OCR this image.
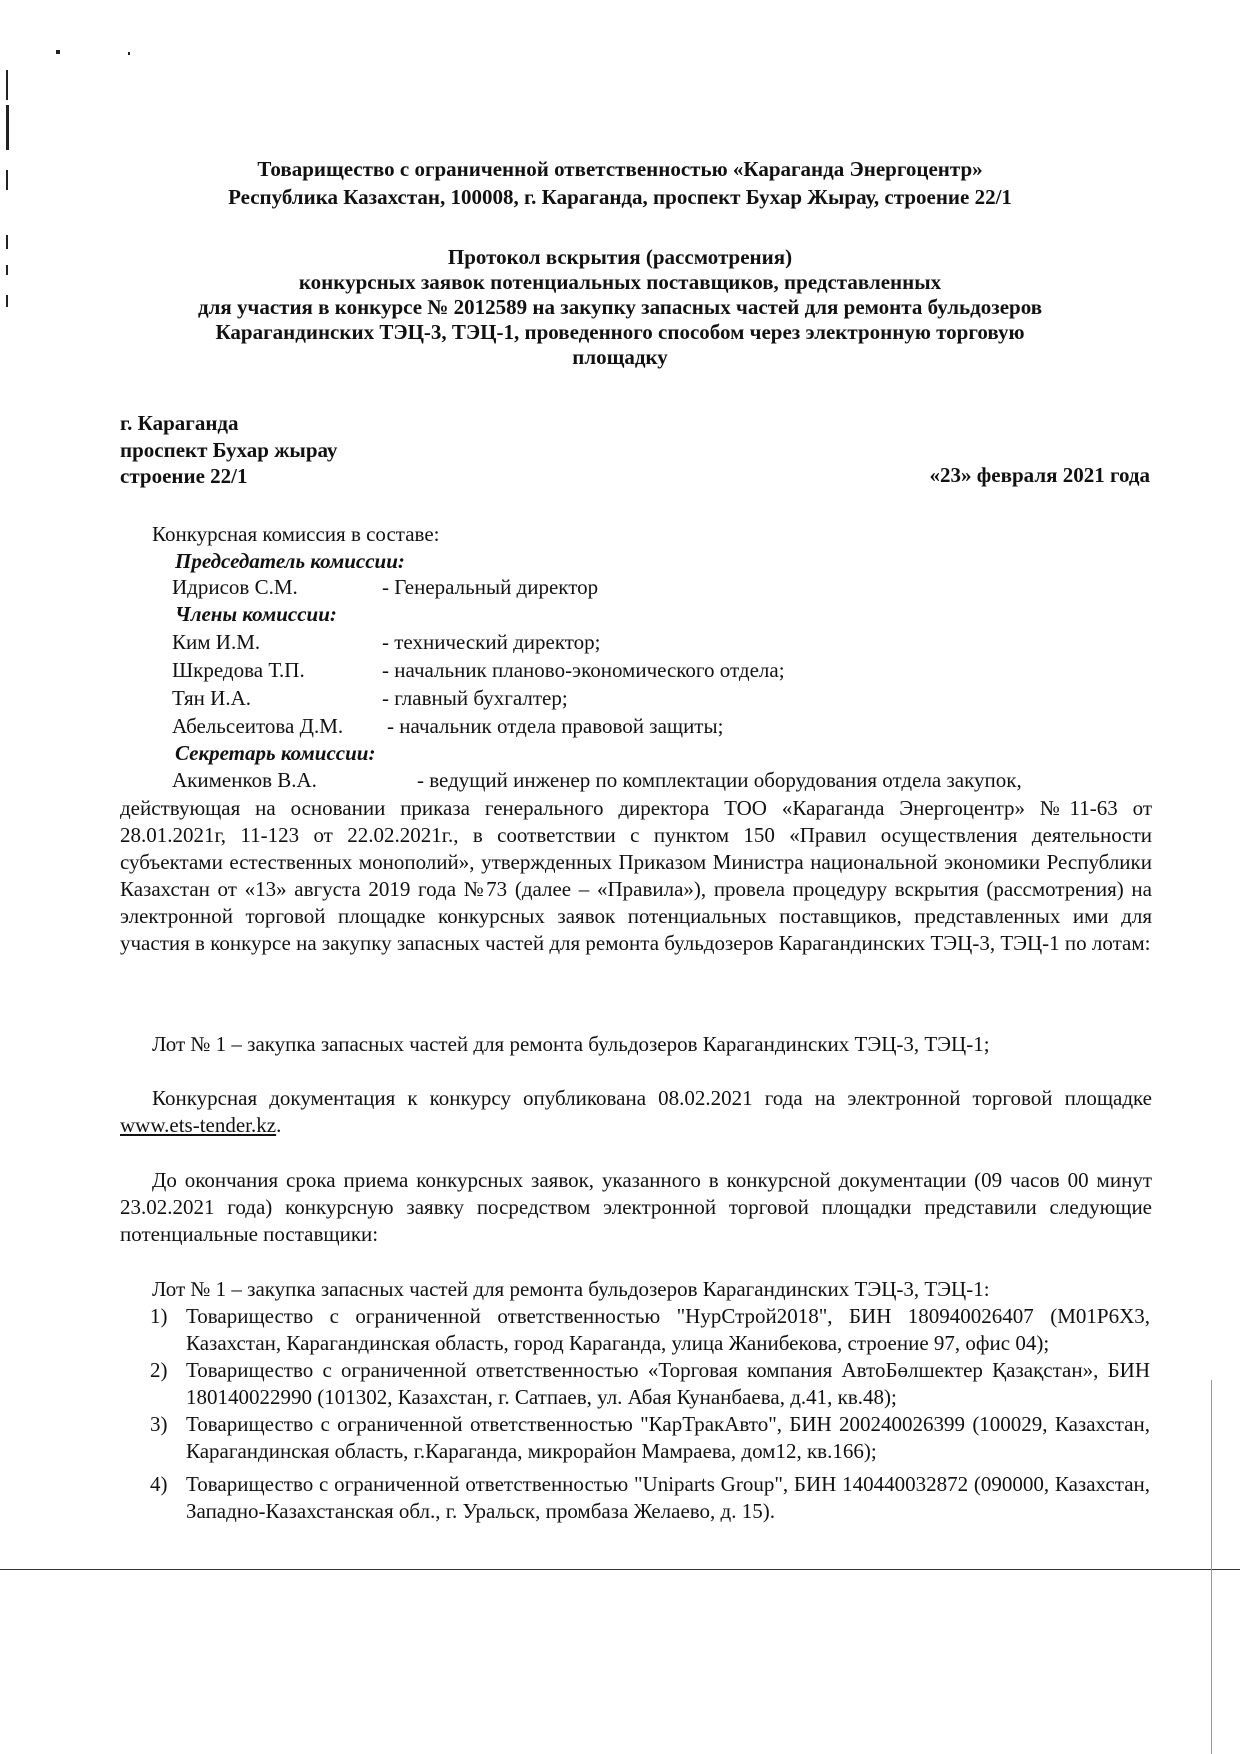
Товарищество с ограниченной ответственностью «Караганда Энергоцентр»
Республика Казахстан, 100008, г. Караганда, проспект Бухар Жырау, строение 22/1
Протокол вскрытия (рассмотрения)
конкурсных заявок потенциальных поставщиков, представленных
для участия в конкурсе № 2012589 на закупку запасных частей для ремонта бульдозеров
Карагандинских ТЭЦ-3, ТЭЦ-1, проведенного способом через электронную торговую
площадку
г. Караганда
проспект Бухар жырау
строение 22/1	«23» февраля 2021 года
Конкурсная комиссия в составе:
Председатель комиссии:
Идрисов С.М.	- Генеральный директор
Члены комиссии:
Ким И.М.	- технический директор;
Шкредова Т.П.	- начальник планово-экономического отдела;
Тян И.А.	- главный бухгалтер;
Абельсеитова Д.М. - начальник отдела правовой защиты;
Секретарь комиссии:
Акименков В.А.	- ведущий инженер по комплектации оборудования отдела закупок,
действующая на основании приказа генерального директора ТОО «Караганда Энергоцентр» №11-63 от 28.01.2021г, 11-123 от 22.02.2021г., в соответствии с пунктом 150 «Правил осуществления деятельности субъектами естественных монополий», утвержденных Приказом Министра национальной экономики Республики Казахстан от «13» августа 2019 года №73 (далее – «Правила»), провела процедуру вскрытия (рассмотрения) на электронной торговой площадке конкурсных заявок потенциальных поставщиков, представленных ими для участия в конкурсе на закупку запасных частей для ремонта бульдозеров Карагандинских ТЭЦ-3, ТЭЦ-1 по лотам:
Лот № 1 – закупка запасных частей для ремонта бульдозеров Карагандинских ТЭЦ-3, ТЭЦ-1;
Конкурсная документация к конкурсу опубликована 08.02.2021 года на электронной торговой площадке www.ets-tender.kz.
До окончания срока приема конкурсных заявок, указанного в конкурсной документации (09 часов 00 минут 23.02.2021 года) конкурсную заявку посредством электронной торговой площадки представили следующие потенциальные поставщики:
Лот № 1 – закупка запасных частей для ремонта бульдозеров Карагандинских ТЭЦ-3, ТЭЦ-1:
1) Товарищество с ограниченной ответственностью "НурСтрой2018", БИН 180940026407 (M01P6X3, Казахстан, Карагандинская область, город Караганда, улица Жанибекова, строение 97, офис 04);
2) Товарищество с ограниченной ответственностью «Торговая компания АвтоБөлшектер Қазақстан», БИН 180140022990 (101302, Казахстан, г. Сатпаев, ул. Абая Кунанбаева, д.41, кв.48);
3) Товарищество с ограниченной ответственностью "КарТракАвто", БИН 200240026399 (100029, Казахстан, Карагандинская область, г.Караганда, микрорайон Мамраева, дом12, кв.166);
4) Товарищество с ограниченной ответственностью "Uniparts Group", БИН 140440032872 (090000, Казахстан, Западно-Казахстанская обл., г. Уральск, промбаза Желаево, д. 15).
